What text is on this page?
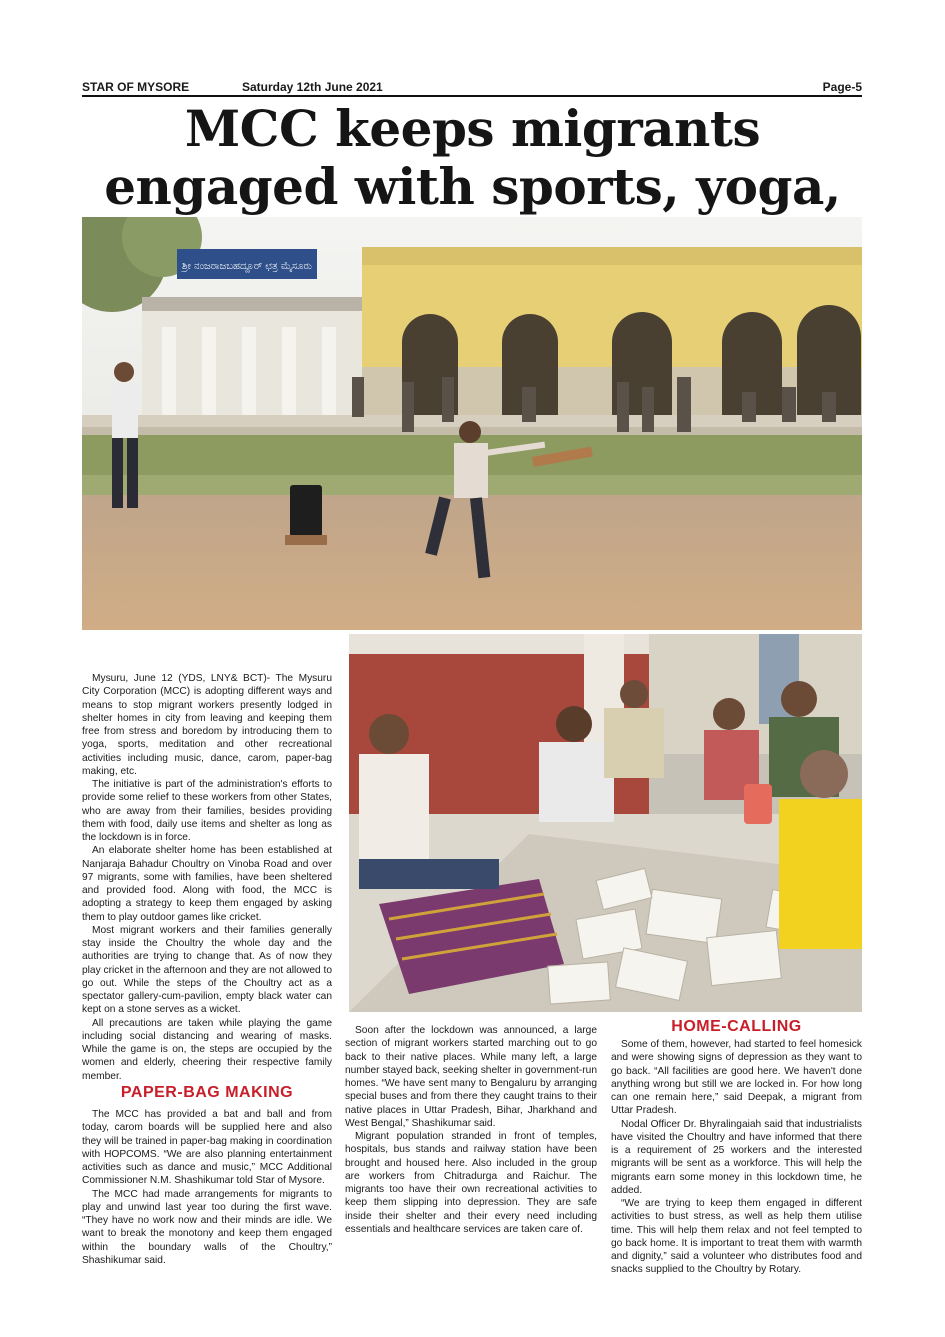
STAR OF MYSORE	Saturday 12th June 2021	Page-5
MCC keeps migrants engaged with sports, yoga,
ಶ್ರೀ ನಂಜರಾಜಬಹದ್ದೂರ್ ಛತ್ರ ಮೈಸೂರು

Mysuru, June 12 (YDS, LNY& BCT)- The Mysuru City Corporation (MCC) is adopting different ways and means to stop migrant workers presently lodged in shelter homes in city from leaving and keeping them free from stress and boredom by introducing them to yoga, sports, meditation and other recreational activities including music, dance, carom, paper-bag making, etc.

The initiative is part of the administration's efforts to provide some relief to these workers from other States, who are away from their families, besides providing them with food, daily use items and shelter as long as the lockdown is in force.

An elaborate shelter home has been established at Nanjaraja Bahadur Choultry on Vinoba Road and over 97 migrants, some with families, have been sheltered and provided food. Along with food, the MCC is adopting a strategy to keep them engaged by asking them to play outdoor games like cricket.

Most migrant workers and their families generally stay inside the Choultry the whole day and the authorities are trying to change that. As of now they play cricket in the afternoon and they are not allowed to go out. While the steps of the Choultry act as a spectator gallery-cum-pavilion, empty black water can kept on a stone serves as a wicket.

All precautions are taken while playing the game including social distancing and wearing of masks. While the game is on, the steps are occupied by the women and elderly, cheering their respective family member.

PAPER-BAG MAKING

The MCC has provided a bat and ball and from today, carom boards will be supplied here and also they will be trained in paper-bag making in coordination with HOPCOMS. “We are also planning entertainment activities such as dance and music,” MCC Additional Commissioner N.M. Shashikumar told Star of Mysore.

The MCC had made arrangements for migrants to play and unwind last year too during the first wave. “They have no work now and their minds are idle. We want to break the monotony and keep them engaged within the boundary walls of the Choultry,” Shashikumar said.

Soon after the lockdown was announced, a large section of migrant workers started marching out to go back to their native places. While many left, a large number stayed back, seeking shelter in government-run homes. “We have sent many to Bengaluru by arranging special buses and from there they caught trains to their native places in Uttar Pradesh, Bihar, Jharkhand and West Bengal,” Shashikumar said.

Migrant population stranded in front of temples, hospitals, bus stands and railway station have been brought and housed here. Also included in the group are workers from Chitradurga and Raichur. The migrants too have their own recreational activities to keep them slipping into depression. They are safe inside their shelter and their every need including essentials and healthcare services are taken care of.

HOME-CALLING

Some of them, however, had started to feel homesick and were showing signs of depression as they want to go back. “All facilities are good here. We haven't done anything wrong but still we are locked in. For how long can one remain here,” said Deepak, a migrant from Uttar Pradesh.

Nodal Officer Dr. Bhyralingaiah said that industrialists have visited the Choultry and have informed that there is a requirement of 25 workers and the interested migrants will be sent as a workforce. This will help the migrants earn some money in this lockdown time, he added.

“We are trying to keep them engaged in different activities to bust stress, as well as help them utilise time. This will help them relax and not feel tempted to go back home. It is important to treat them with warmth and dignity,” said a volunteer who distributes food and snacks supplied to the Choultry by Rotary.
